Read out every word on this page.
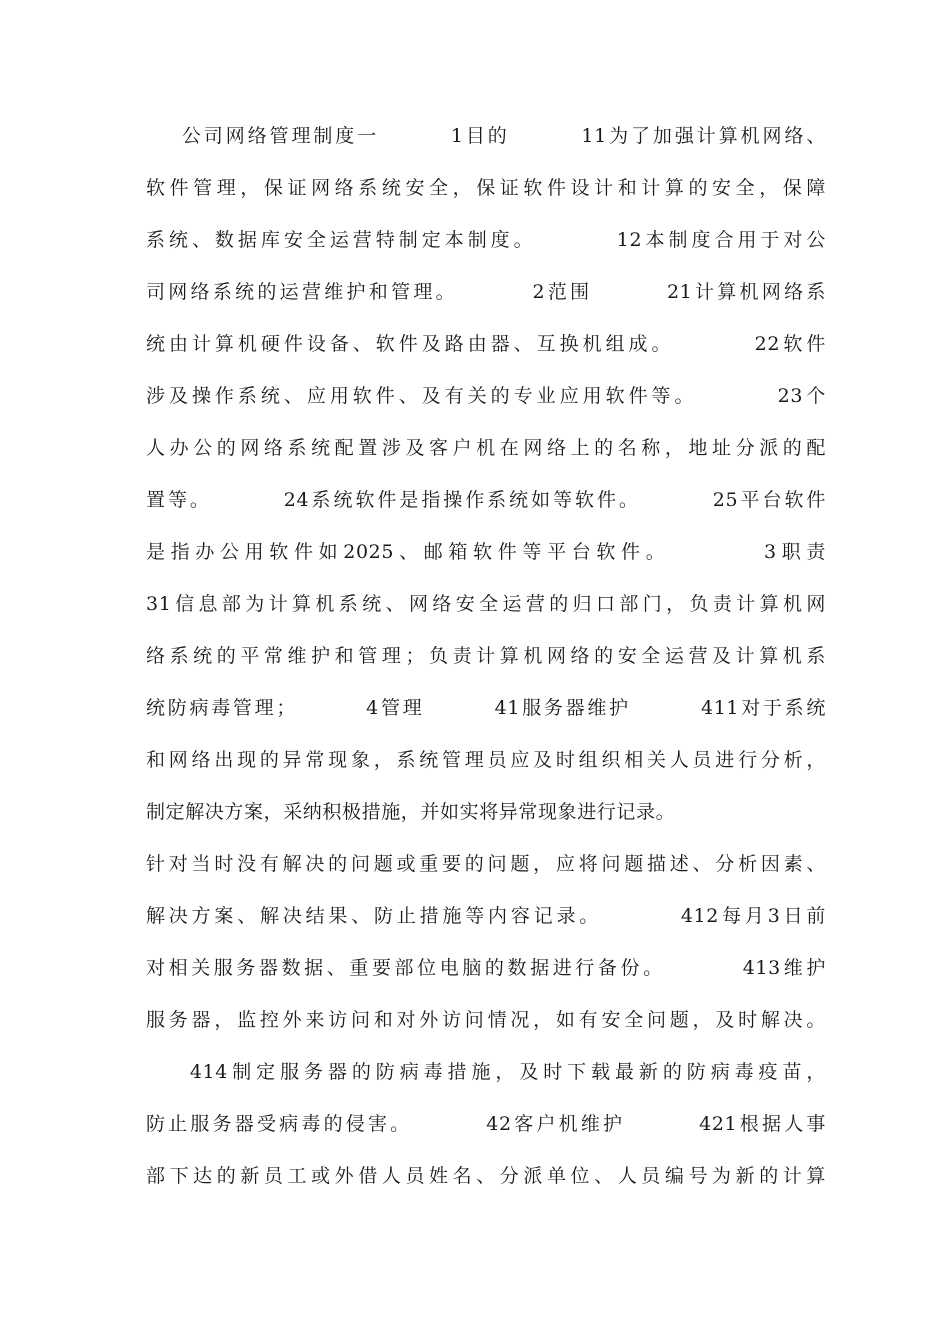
公司网络管理制度一        1目的        11为了加强计算机网络、
软件管理，保证网络系统安全，保证软件设计和计算的安全，保障
系统、数据库安全运营特制定本制度。        12本制度合用于对公
司网络系统的运营维护和管理。        2范围        21计算机网络系
统由计算机硬件设备、软件及路由器、互换机组成。        22软件
涉及操作系统、应用软件、及有关的专业应用软件等。        23个
人办公的网络系统配置涉及客户机在网络上的名称，地址分派的配
置等。        24系统软件是指操作系统如等软件。        25平台软件
是指办公用软件如2025、邮箱软件等平台软件。        3职责
31信息部为计算机系统、网络安全运营的归口部门，负责计算机网
络系统的平常维护和管理；负责计算机网络的安全运营及计算机系
统防病毒管理；        4管理        41服务器维护        411对于系统
和网络出现的异常现象，系统管理员应及时组织相关人员进行分析，
制定解决方案，采纳积极措施，并如实将异常现象进行记录。
针对当时没有解决的问题或重要的问题，应将问题描述、分析因素、
解决方案、解决结果、防止措施等内容记录。        412每月3日前
对相关服务器数据、重要部位电脑的数据进行备份。        413维护
服务器，监控外来访问和对外访问情况，如有安全问题，及时解决。
414制定服务器的防病毒措施，及时下载最新的防病毒疫苗，
防止服务器受病毒的侵害。        42客户机维护        421根据人事
部下达的新员工或外借人员姓名、分派单位、人员编号为新的计算
